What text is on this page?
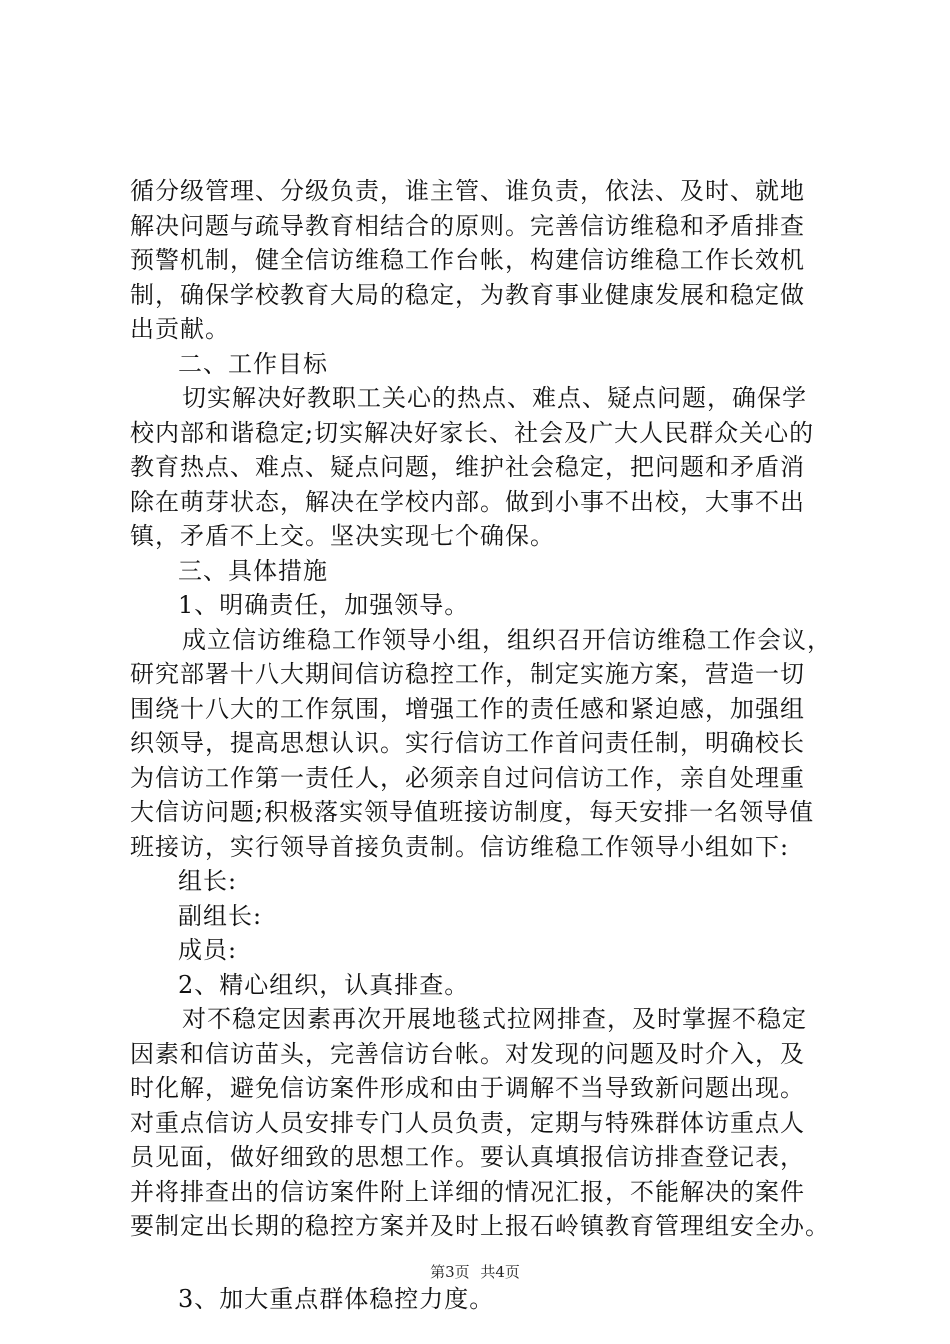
循分级管理、分级负责，谁主管、谁负责，依法、及时、就地
解决问题与疏导教育相结合的原则。完善信访维稳和矛盾排查
预警机制，健全信访维稳工作台帐，构建信访维稳工作长效机
制，确保学校教育大局的稳定，为教育事业健康发展和稳定做
出贡献。
二、工作目标
切实解决好教职工关心的热点、难点、疑点问题，确保学
校内部和谐稳定;切实解决好家长、社会及广大人民群众关心的
教育热点、难点、疑点问题，维护社会稳定，把问题和矛盾消
除在萌芽状态，解决在学校内部。做到小事不出校，大事不出
镇，矛盾不上交。坚决实现七个确保。
三、具体措施
1、明确责任，加强领导。
成立信访维稳工作领导小组，组织召开信访维稳工作会议，
研究部署十八大期间信访稳控工作，制定实施方案，营造一切
围绕十八大的工作氛围，增强工作的责任感和紧迫感，加强组
织领导，提高思想认识。实行信访工作首问责任制，明确校长
为信访工作第一责任人，必须亲自过问信访工作，亲自处理重
大信访问题;积极落实领导值班接访制度，每天安排一名领导值
班接访，实行领导首接负责制。信访维稳工作领导小组如下:
组长:
副组长:
成员:
2、精心组织，认真排查。
对不稳定因素再次开展地毯式拉网排查，及时掌握不稳定
因素和信访苗头，完善信访台帐。对发现的问题及时介入，及
时化解，避免信访案件形成和由于调解不当导致新问题出现。
对重点信访人员安排专门人员负责，定期与特殊群体访重点人
员见面，做好细致的思想工作。要认真填报信访排查登记表，
并将排查出的信访案件附上详细的情况汇报，不能解决的案件
要制定出长期的稳控方案并及时上报石岭镇教育管理组安全办。
3、加大重点群体稳控力度。
第3页 共4页
